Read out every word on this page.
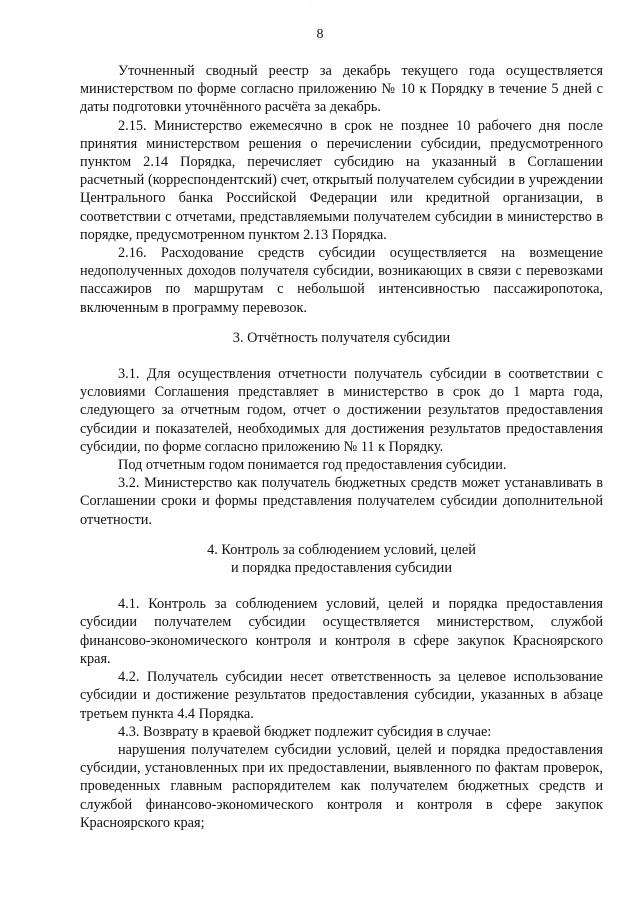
· · ·
8

Уточненный сводный реестр за декабрь текущего года осуществляется министерством по форме согласно приложению № 10 к Порядку в течение 5 дней с даты подготовки уточнённого расчёта за декабрь.

2.15. Министерство ежемесячно в срок не позднее 10 рабочего дня после принятия министерством решения о перечислении субсидии, предусмотренного пунктом 2.14 Порядка, перечисляет субсидию на указанный в Соглашении расчетный (корреспондентский) счет, открытый получателем субсидии в учреждении Центрального банка Российской Федерации или кредитной организации, в соответствии с отчетами, представляемыми получателем субсидии в министерство в порядке, предусмотренном пунктом 2.13 Порядка.

2.16. Расходование средств субсидии осуществляется на возмещение недополученных доходов получателя субсидии, возникающих в связи с перевозками пассажиров по маршрутам с небольшой интенсивностью пассажиропотока, включенным в программу перевозок.

3. Отчётность получателя субсидии

3.1. Для осуществления отчетности получатель субсидии в соответствии с условиями Соглашения представляет в министерство в срок до 1 марта года, следующего за отчетным годом, отчет о достижении результатов предоставления субсидии и показателей, необходимых для достижения результатов предоставления субсидии, по форме согласно приложению № 11 к Порядку.

Под отчетным годом понимается год предоставления субсидии.

3.2. Министерство как получатель бюджетных средств может устанавливать в Соглашении сроки и формы представления получателем субсидии дополнительной отчетности.

4. Контроль за соблюдением условий, целей
и порядка предоставления субсидии

4.1. Контроль за соблюдением условий, целей и порядка предоставления субсидии получателем субсидии осуществляется министерством, службой финансово-экономического контроля и контроля в сфере закупок Красноярского края.

4.2. Получатель субсидии несет ответственность за целевое использование субсидии и достижение результатов предоставления субсидии, указанных в абзаце третьем пункта 4.4 Порядка.

4.3. Возврату в краевой бюджет подлежит субсидия в случае:

нарушения получателем субсидии условий, целей и порядка предоставления субсидии, установленных при их предоставлении, выявленного по фактам проверок, проведенных главным распорядителем как получателем бюджетных средств и службой финансово-экономического контроля и контроля в сфере закупок Красноярского края;
